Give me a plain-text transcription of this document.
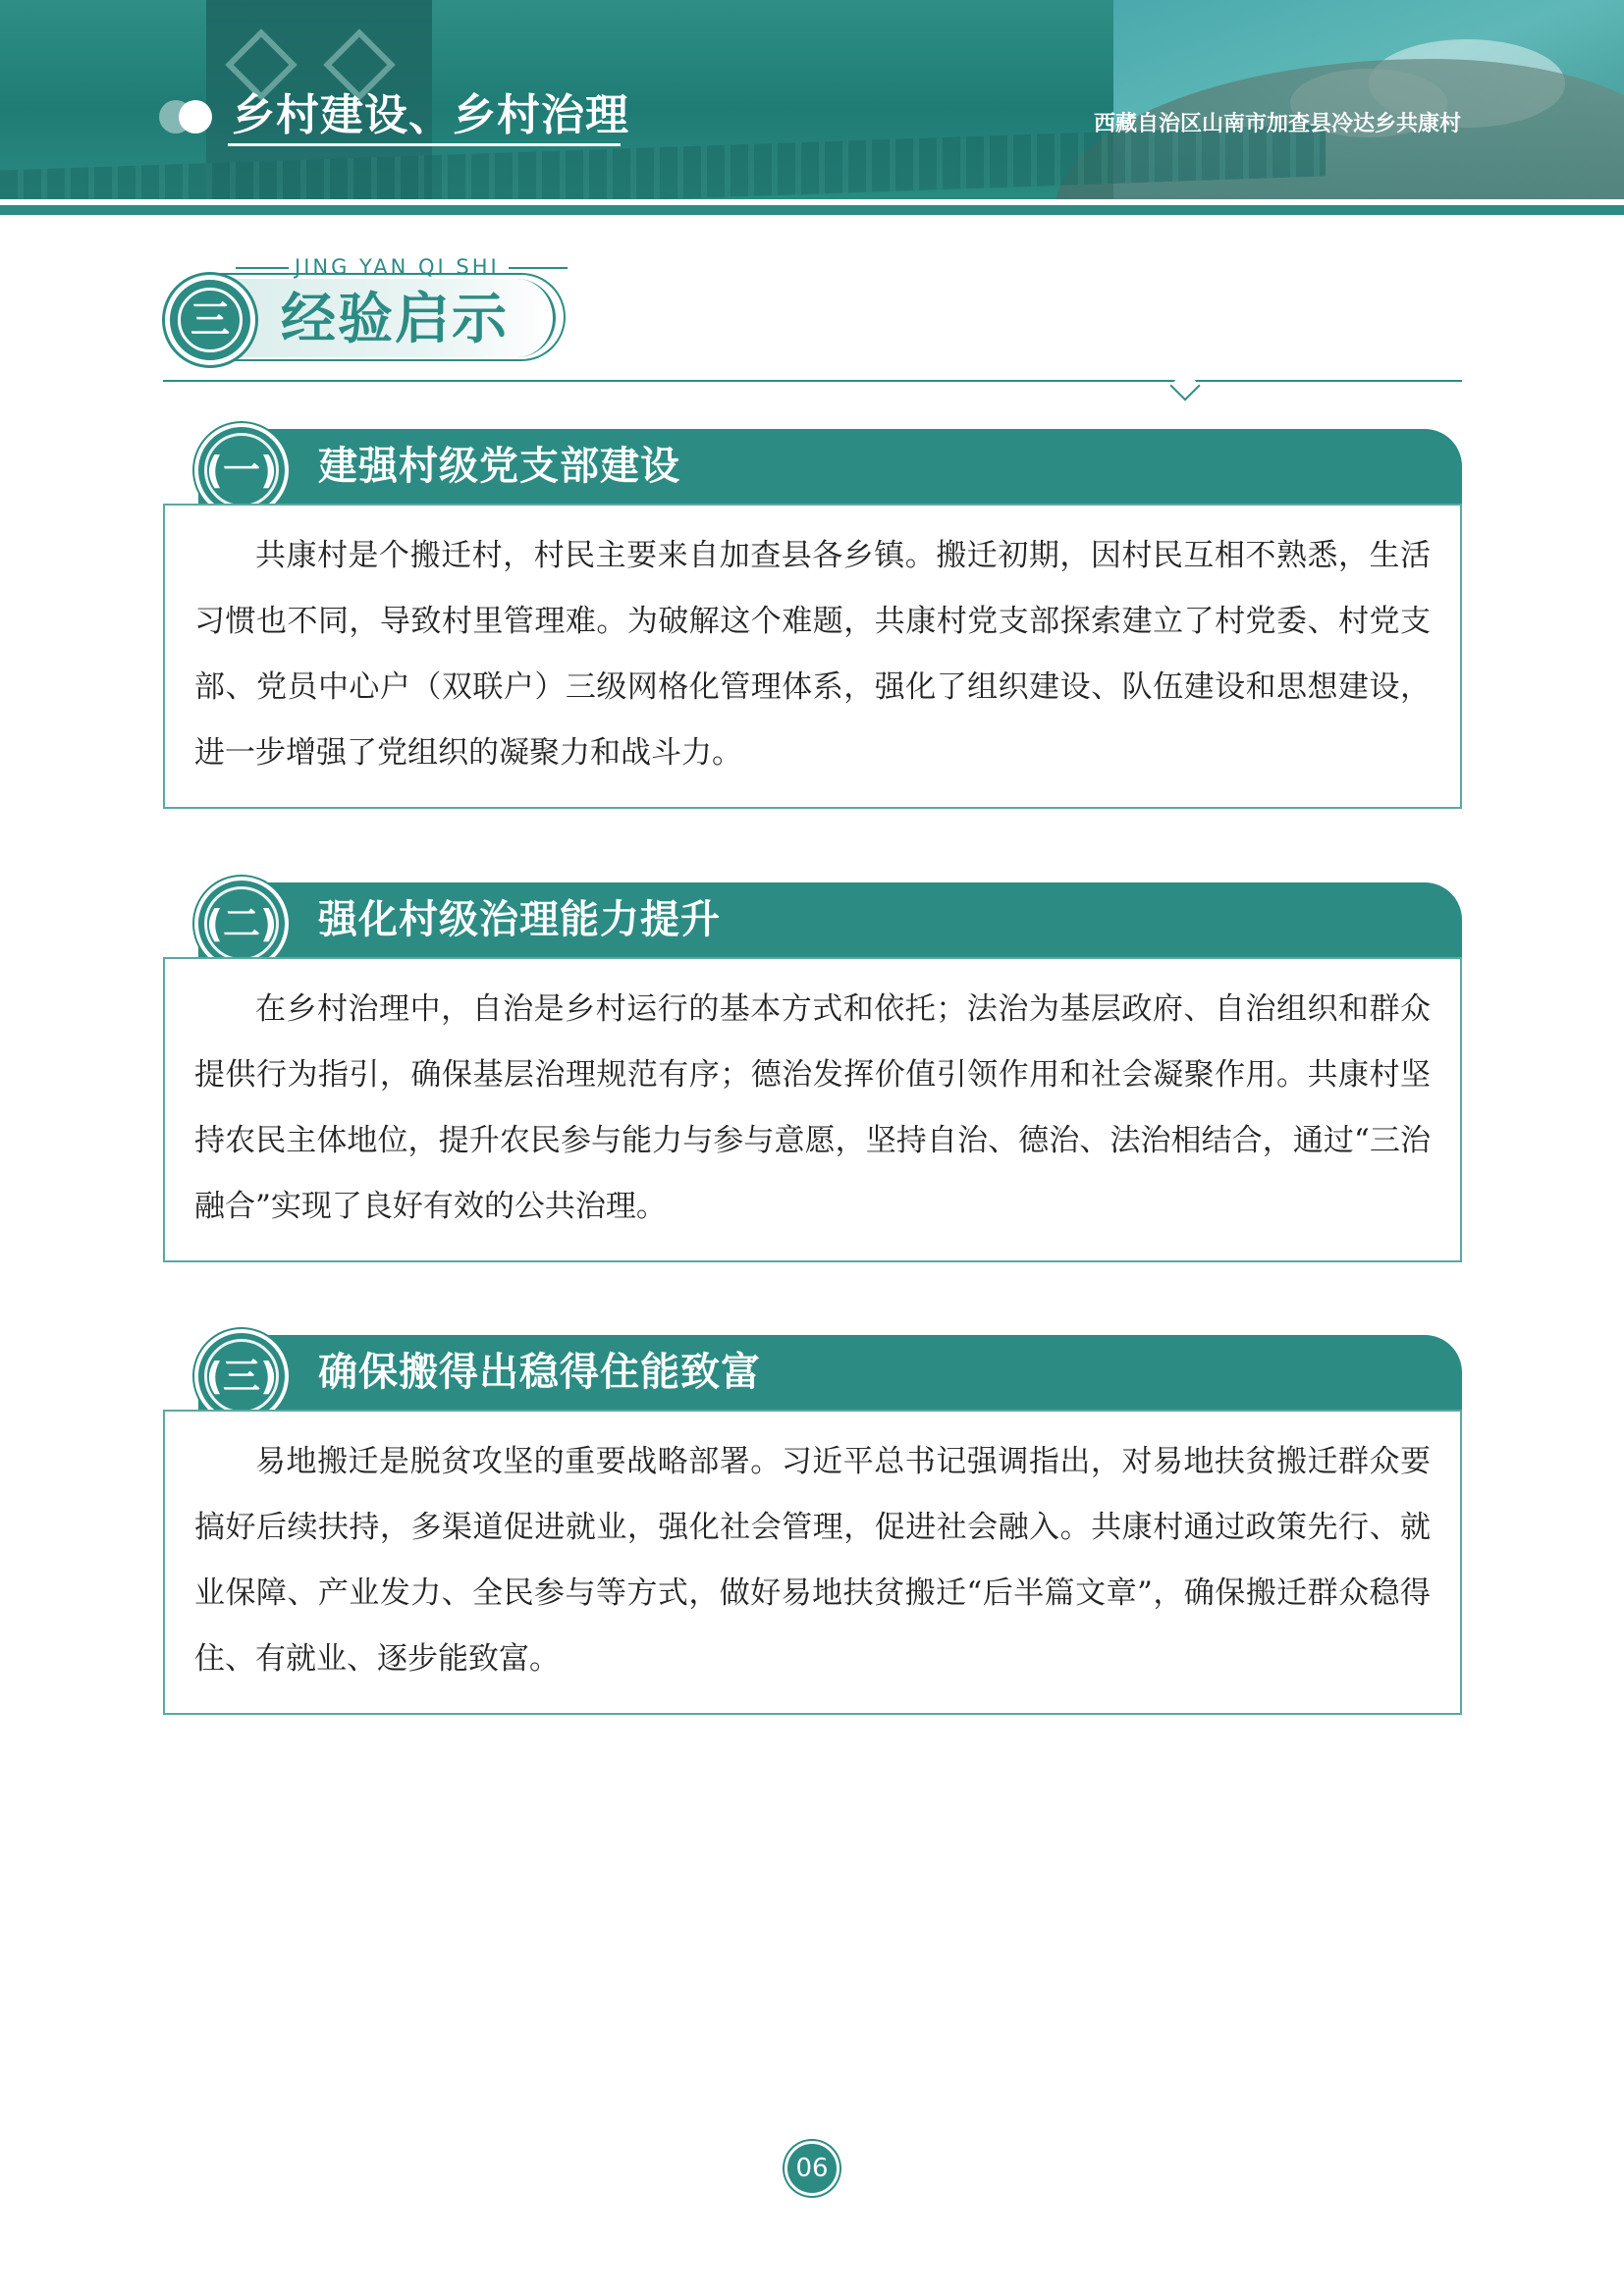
乡村建设、乡村治理	西藏自治区山南市加查县冷达乡共康村
JING YAN QI SHI
三 经验启示
(一) 建强村级党支部建设

共康村是个搬迁村，村民主要来自加查县各乡镇。搬迁初期，因村民互相不熟悉，生活习惯也不同，导致村里管理难。为破解这个难题，共康村党支部探索建立了村党委、村党支部、党员中心户（双联户）三级网格化管理体系，强化了组织建设、队伍建设和思想建设，进一步增强了党组织的凝聚力和战斗力。

(二) 强化村级治理能力提升

在乡村治理中，自治是乡村运行的基本方式和依托；法治为基层政府、自治组织和群众提供行为指引，确保基层治理规范有序；德治发挥价值引领作用和社会凝聚作用。共康村坚持农民主体地位，提升农民参与能力与参与意愿，坚持自治、德治、法治相结合，通过“三治融合”实现了良好有效的公共治理。

(三) 确保搬得出稳得住能致富

易地搬迁是脱贫攻坚的重要战略部署。习近平总书记强调指出，对易地扶贫搬迁群众要搞好后续扶持，多渠道促进就业，强化社会管理，促进社会融入。共康村通过政策先行、就业保障、产业发力、全民参与等方式，做好易地扶贫搬迁“后半篇文章”，确保搬迁群众稳得住、有就业、逐步能致富。

06
